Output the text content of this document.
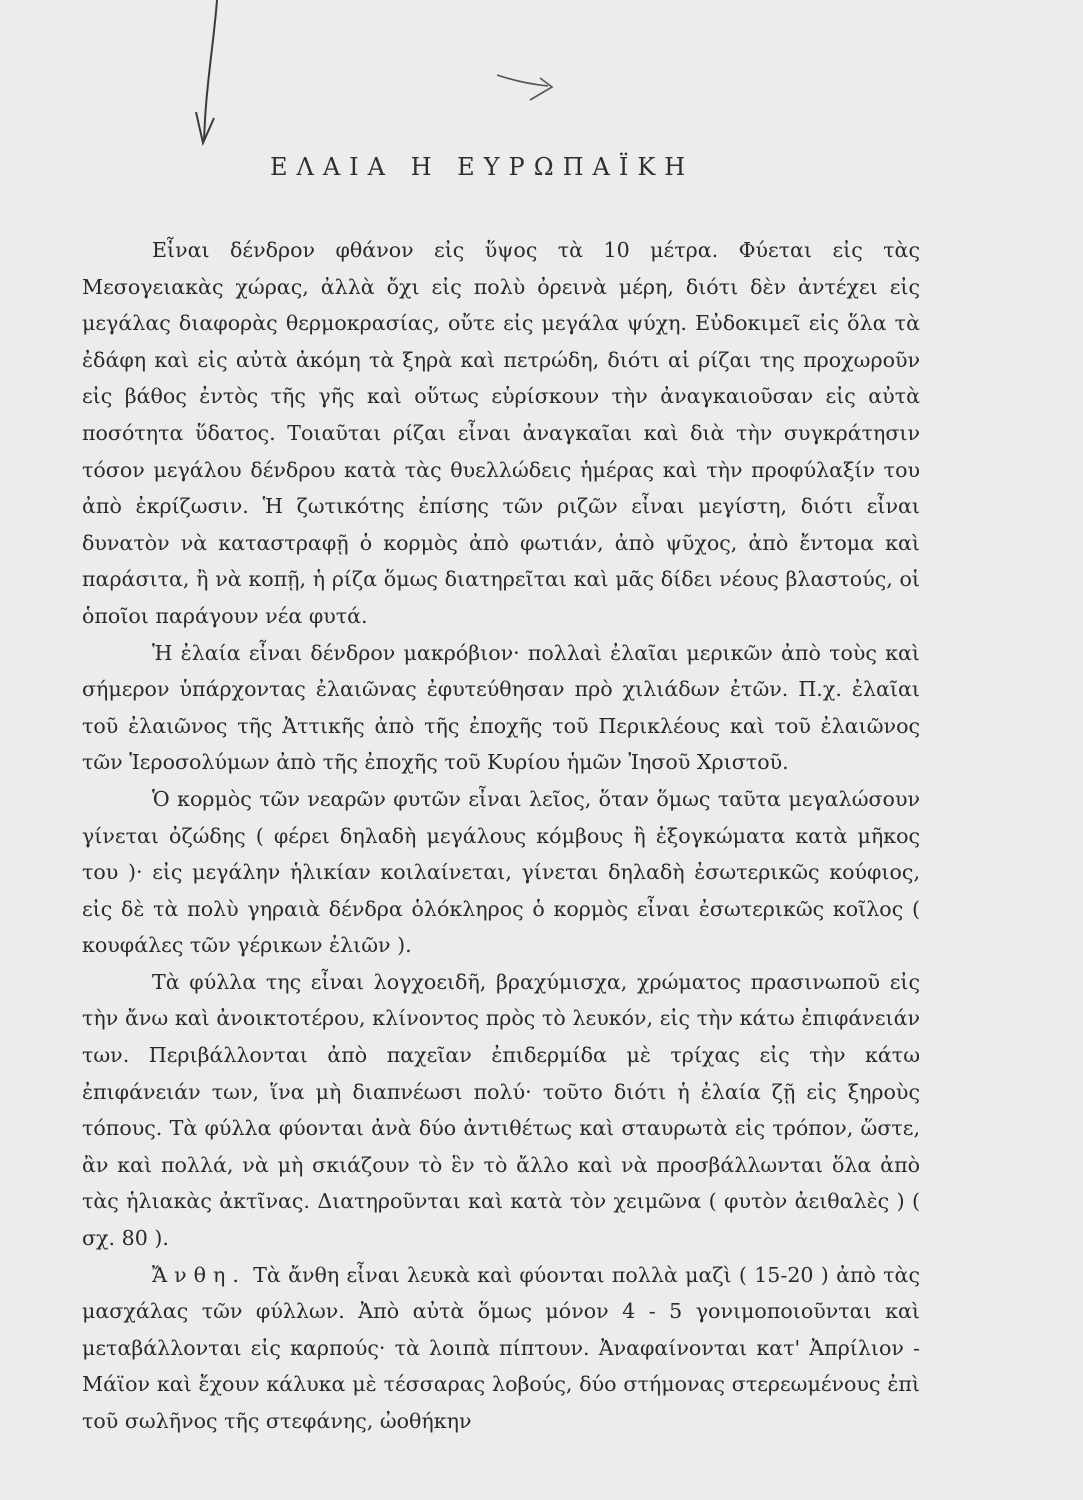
ΕΛΑΙΑ Η ΕΥΡΩΠΑΪΚΗ

Εἶναι δένδρον φθάνον εἰς ὕψος τὰ 10 μέτρα. Φύεται εἰς τὰς Μεσογειακὰς χώρας, ἀλλὰ ὄχι εἰς πολὺ ὀρεινὰ μέρη, διότι δὲν ἀντέχει εἰς μεγάλας διαφορὰς θερμοκρασίας, οὔτε εἰς μεγάλα ψύχη. Εὐδοκιμεῖ εἰς ὅλα τὰ ἐδάφη καὶ εἰς αὐτὰ ἀκόμη τὰ ξηρὰ καὶ πετρώδη, διότι αἱ ρίζαι της προχωροῦν εἰς βάθος ἐντὸς τῆς γῆς καὶ οὕτως εὑρίσκουν τὴν ἀναγκαιοῦσαν εἰς αὐτὰ ποσότητα ὕδατος. Τοιαῦται ρίζαι εἶναι ἀναγκαῖαι καὶ διὰ τὴν συγκράτησιν τόσον μεγάλου δένδρου κατὰ τὰς θυελλώδεις ἡμέρας καὶ τὴν προφύλαξίν του ἀπὸ ἐκρίζωσιν. Ἡ ζωτικότης ἐπίσης τῶν ριζῶν εἶναι μεγίστη, διότι εἶναι δυνατὸν νὰ καταστραφῇ ὁ κορμὸς ἀπὸ φωτιάν, ἀπὸ ψῦχος, ἀπὸ ἔντομα καὶ παράσιτα, ἢ νὰ κοπῇ, ἡ ρίζα ὅμως διατηρεῖται καὶ μᾶς δίδει νέους βλαστούς, οἱ ὁποῖοι παράγουν νέα φυτά.

Ἡ ἐλαία εἶναι δένδρον μακρόβιον· πολλαὶ ἐλαῖαι μερικῶν ἀπὸ τοὺς καὶ σήμερον ὑπάρχοντας ἐλαιῶνας ἐφυτεύθησαν πρὸ χιλιάδων ἐτῶν. Π.χ. ἐλαῖαι τοῦ ἐλαιῶνος τῆς Ἀττικῆς ἀπὸ τῆς ἐποχῆς τοῦ Περικλέους καὶ τοῦ ἐλαιῶνος τῶν Ἱεροσολύμων ἀπὸ τῆς ἐποχῆς τοῦ Κυρίου ἡμῶν Ἰησοῦ Χριστοῦ.

Ὁ κορμὸς τῶν νεαρῶν φυτῶν εἶναι λεῖος, ὅταν ὅμως ταῦτα μεγαλώσουν γίνεται ὀζώδης ( φέρει δηλαδὴ μεγάλους κόμβους ἢ ἐξογκώματα κατὰ μῆκος του )· εἰς μεγάλην ἡλικίαν κοιλαίνεται, γίνεται δηλαδὴ ἐσωτερικῶς κούφιος, εἰς δὲ τὰ πολὺ γηραιὰ δένδρα ὁλόκληρος ὁ κορμὸς εἶναι ἐσωτερικῶς κοῖλος ( κουφάλες τῶν γέρικων ἐλιῶν ).

Τὰ φύλλα της εἶναι λογχοειδῆ, βραχύμισχα, χρώματος πρασινωποῦ εἰς τὴν ἄνω καὶ ἀνοικτοτέρου, κλίνοντος πρὸς τὸ λευκόν, εἰς τὴν κάτω ἐπιφάνειάν των. Περιβάλλονται ἀπὸ παχεῖαν ἐπιδερμίδα μὲ τρίχας εἰς τὴν κάτω ἐπιφάνειάν των, ἵνα μὴ διαπνέωσι πολύ· τοῦτο διότι ἡ ἐλαία ζῇ εἰς ξηροὺς τόπους. Τὰ φύλλα φύονται ἀνὰ δύο ἀντιθέτως καὶ σταυρωτὰ εἰς τρόπον, ὥστε, ἂν καὶ πολλά, νὰ μὴ σκιάζουν τὸ ἓν τὸ ἄλλο καὶ νὰ προσβάλλωνται ὅλα ἀπὸ τὰς ἡλιακὰς ἀκτῖνας. Διατηροῦνται καὶ κατὰ τὸν χειμῶνα ( φυτὸν ἀειθαλὲς ) ( σχ. 80 ).

Ἄνθη. Τὰ ἄνθη εἶναι λευκὰ καὶ φύονται πολλὰ μαζὶ ( 15-20 ) ἀπὸ τὰς μασχάλας τῶν φύλλων. Ἀπὸ αὐτὰ ὅμως μόνον 4 - 5 γονιμοποιοῦνται καὶ μεταβάλλονται εἰς καρπούς· τὰ λοιπὰ πίπτουν. Ἀναφαίνονται κατ' Ἀπρίλιον - Μάϊον καὶ ἔχουν κάλυκα μὲ τέσσαρας λοβούς, δύο στήμονας στερεωμένους ἐπὶ τοῦ σωλῆνος τῆς στεφάνης, ὠοθήκην
